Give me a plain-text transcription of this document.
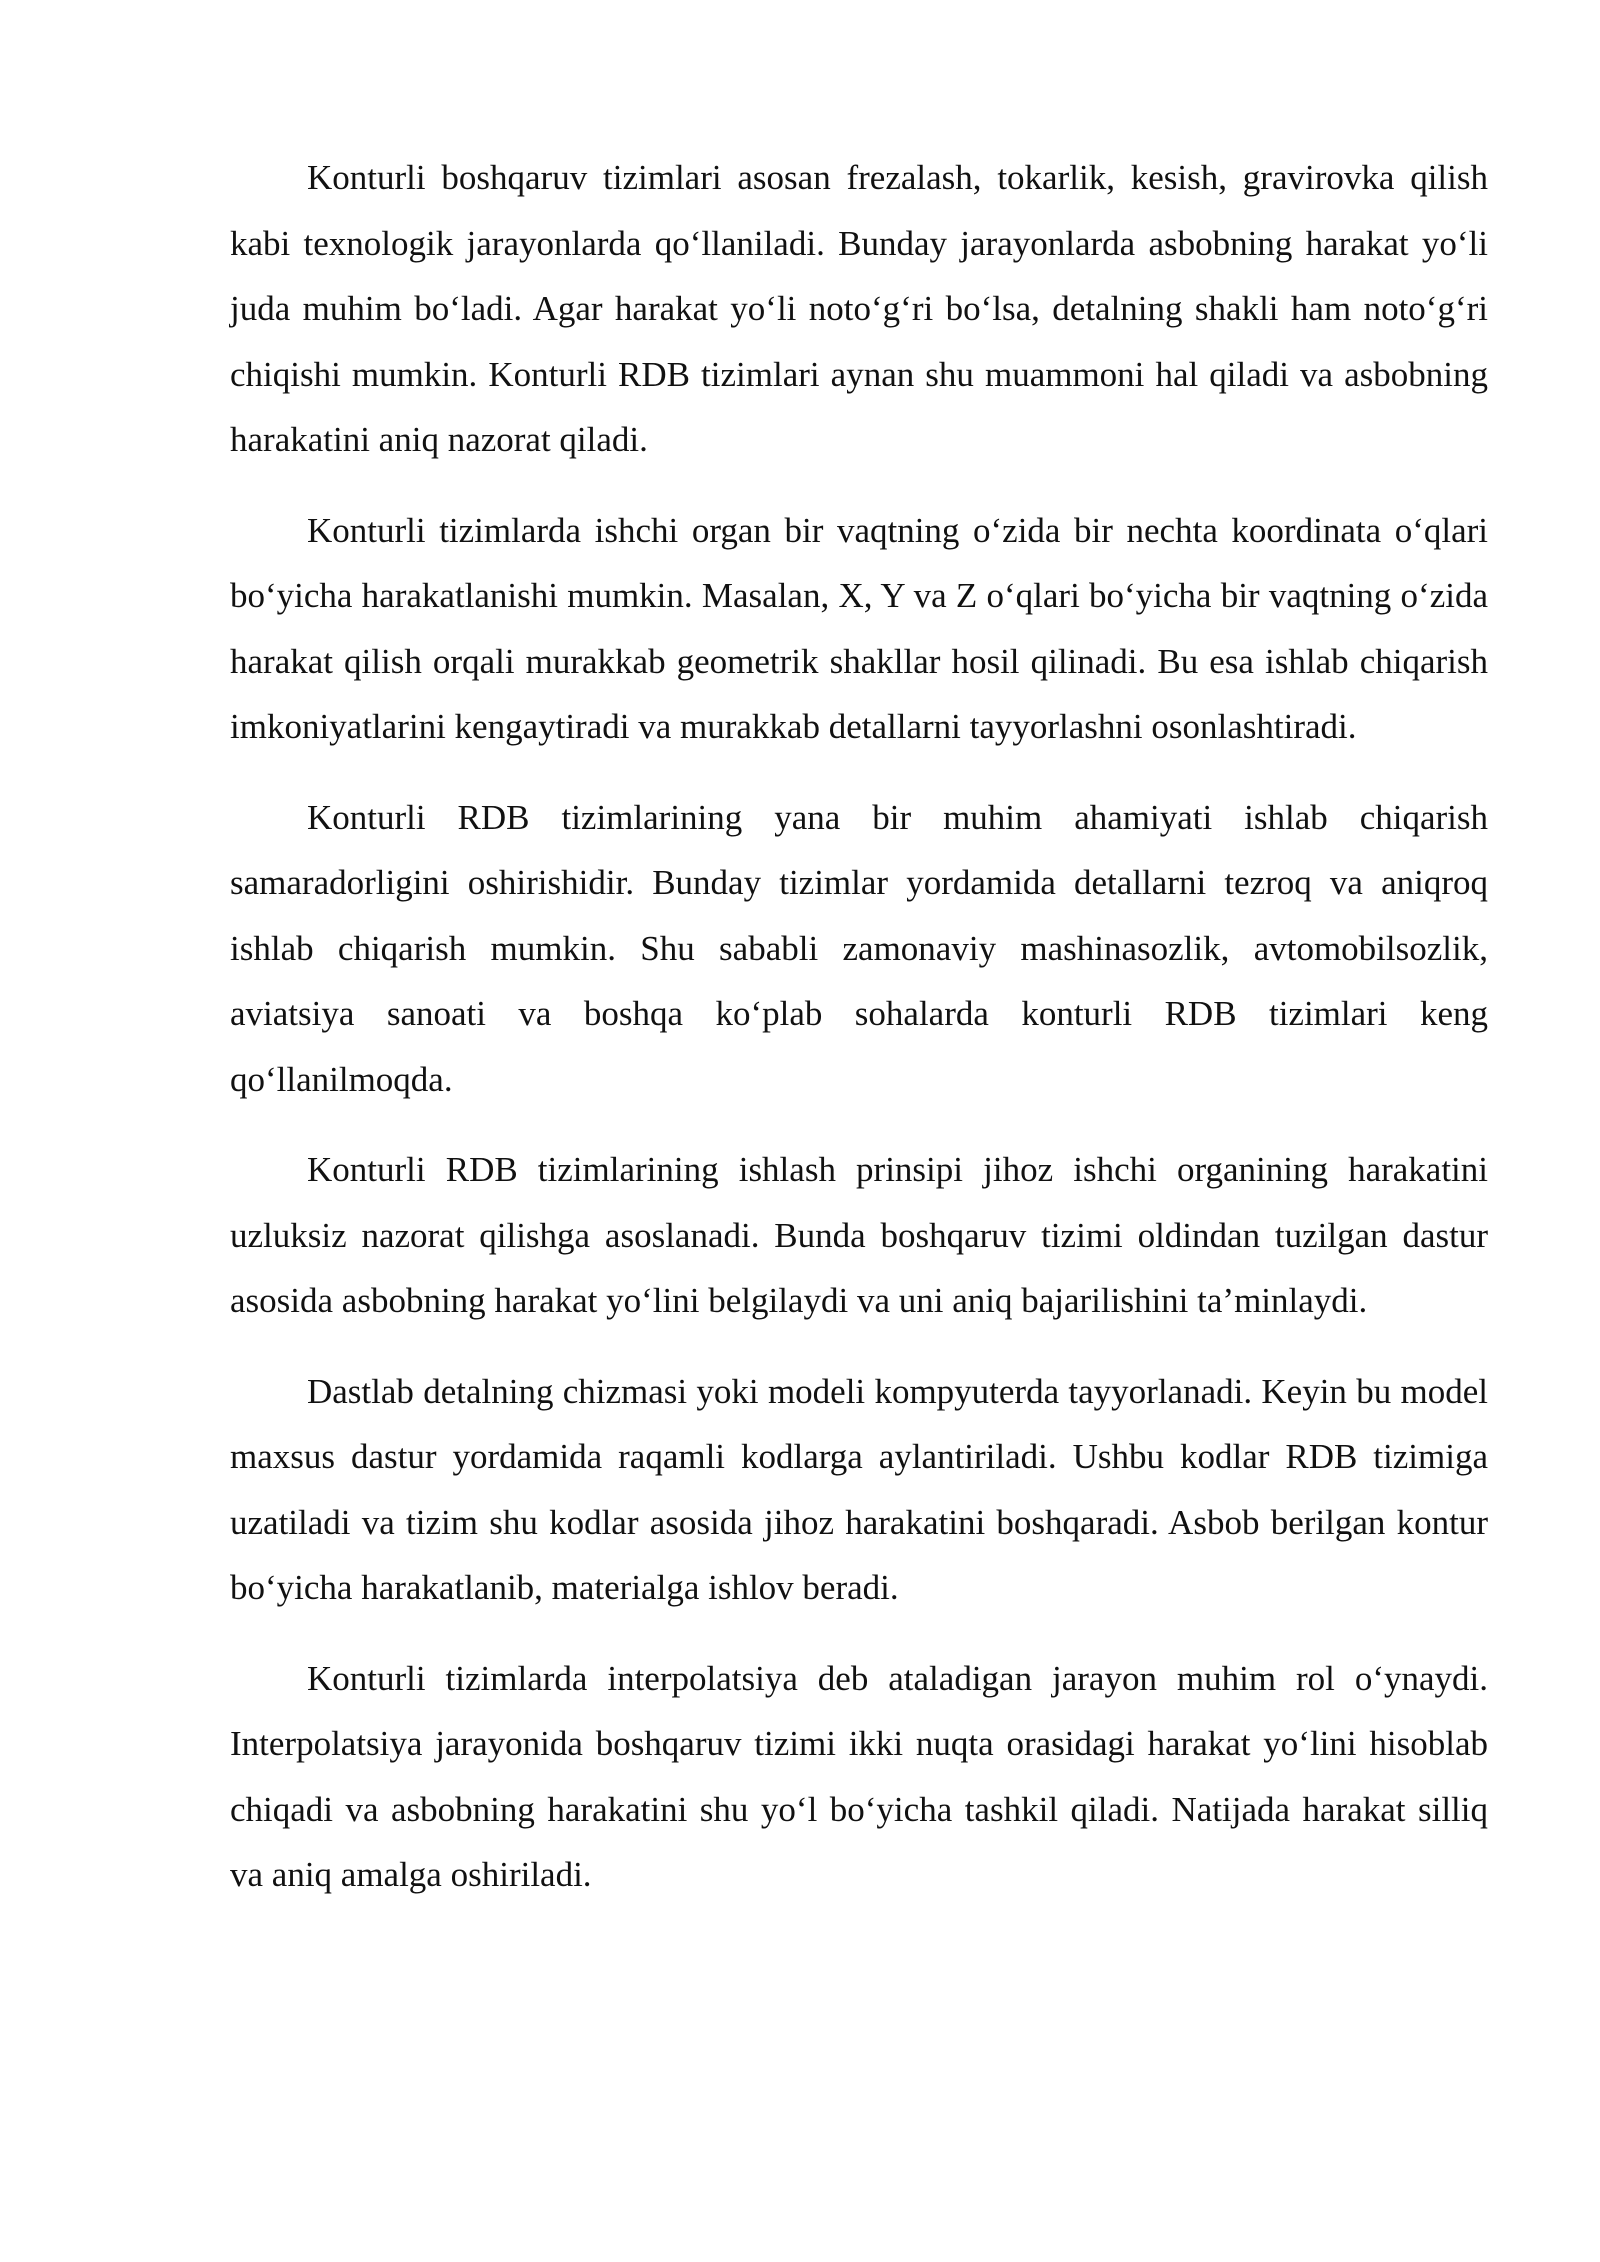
Konturli boshqaruv tizimlari asosan frezalash, tokarlik, kesish, gravirovka qilish kabi texnologik jarayonlarda qo‘llaniladi. Bunday jarayonlarda asbobning harakat yo‘li juda muhim bo‘ladi. Agar harakat yo‘li noto‘g‘ri bo‘lsa, detalning shakli ham noto‘g‘ri chiqishi mumkin. Konturli RDB tizimlari aynan shu muammoni hal qiladi va asbobning harakatini aniq nazorat qiladi.

Konturli tizimlarda ishchi organ bir vaqtning o‘zida bir nechta koordinata o‘qlari bo‘yicha harakatlanishi mumkin. Masalan, X, Y va Z o‘qlari bo‘yicha bir vaqtning o‘zida harakat qilish orqali murakkab geometrik shakllar hosil qilinadi. Bu esa ishlab chiqarish imkoniyatlarini kengaytiradi va murakkab detallarni tayyorlashni osonlashtiradi.

Konturli RDB tizimlarining yana bir muhim ahamiyati ishlab chiqarish samaradorligini oshirishidir. Bunday tizimlar yordamida detallarni tezroq va aniqroq ishlab chiqarish mumkin. Shu sababli zamonaviy mashinasozlik, avtomobilsozlik, aviatsiya sanoati va boshqa ko‘plab sohalarda konturli RDB tizimlari keng qo‘llanilmoqda.

Konturli RDB tizimlarining ishlash prinsipi jihoz ishchi organining harakatini uzluksiz nazorat qilishga asoslanadi. Bunda boshqaruv tizimi oldindan tuzilgan dastur asosida asbobning harakat yo‘lini belgilaydi va uni aniq bajarilishini ta’minlaydi.

Dastlab detalning chizmasi yoki modeli kompyuterda tayyorlanadi. Keyin bu model maxsus dastur yordamida raqamli kodlarga aylantiriladi. Ushbu kodlar RDB tizimiga uzatiladi va tizim shu kodlar asosida jihoz harakatini boshqaradi. Asbob berilgan kontur bo‘yicha harakatlanib, materialga ishlov beradi.

Konturli tizimlarda interpolatsiya deb ataladigan jarayon muhim rol o‘ynaydi. Interpolatsiya jarayonida boshqaruv tizimi ikki nuqta orasidagi harakat yo‘lini hisoblab chiqadi va asbobning harakatini shu yo‘l bo‘yicha tashkil qiladi. Natijada harakat silliq va aniq amalga oshiriladi.
